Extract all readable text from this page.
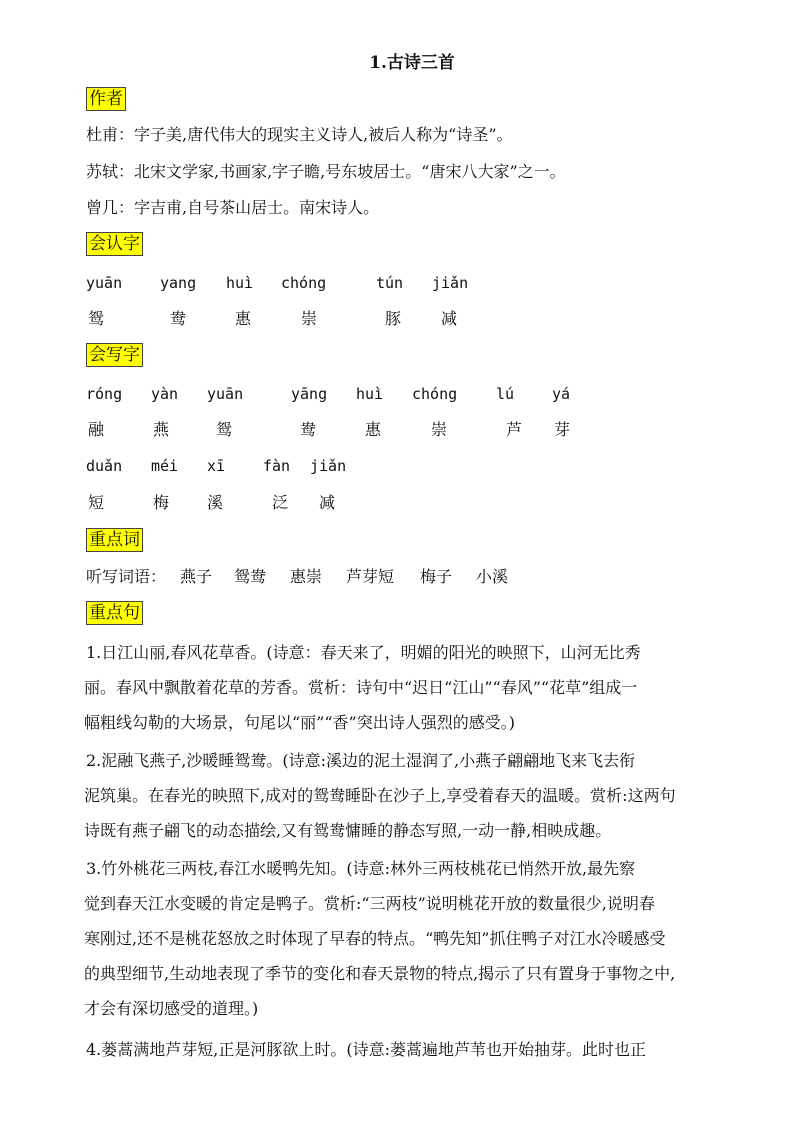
1.古诗三首
作者
杜甫：字子美,唐代伟大的现实主义诗人,被后人称为“诗圣”。
苏轼：北宋文学家,书画家,字子瞻,号东坡居士。“唐宋八大家”之一。
曾几：字吉甫,自号茶山居士。南宋诗人。
会认字
yuān	yang huì chóng	tún jiǎn
鸳	鸯	惠	崇	豚 减
会写字
róng yàn yuān	yāng huì chóng	lú	yá
融	燕	鸳	鸯	惠	崇	芦 芽
duǎn méi xī	fàn jiǎn
短	梅 溪	泛 减
重点词
听写词语： 燕子 鸳鸯 惠崇 芦芽短 梅子 小溪
重点句
1.日江山丽,春风花草香。(诗意：春天来了，明媚的阳光的映照下，山河无比秀
丽。春风中飘散着花草的芳香。赏析：诗句中“迟日“江山”“春风”“花草”组成一
幅粗线勾勒的大场景，句尾以“丽”“香”突出诗人强烈的感受。)
2.泥融飞燕子,沙暖睡鸳鸯。(诗意:溪边的泥土湿润了,小燕子翩翩地飞来飞去衔
泥筑巢。在春光的映照下,成对的鸳鸯睡卧在沙子上,享受着春天的温暖。赏析:这两句
诗既有燕子翩飞的动态描绘,又有鸳鸯慵睡的静态写照,一动一静,相映成趣。
3.竹外桃花三两枝,春江水暖鸭先知。(诗意:林外三两枝桃花已悄然开放,最先察
觉到春天江水变暖的肯定是鸭子。赏析:“三两枝”说明桃花开放的数量很少,说明春
寒刚过,还不是桃花怒放之时体现了早春的特点。“鸭先知”抓住鸭子对江水冷暖感受
的典型细节,生动地表现了季节的变化和春天景物的特点,揭示了只有置身于事物之中,
才会有深切感受的道理。)
4.蒌蒿满地芦芽短,正是河豚欲上时。(诗意:蒌蒿遍地芦苇也开始抽芽。此时也正
